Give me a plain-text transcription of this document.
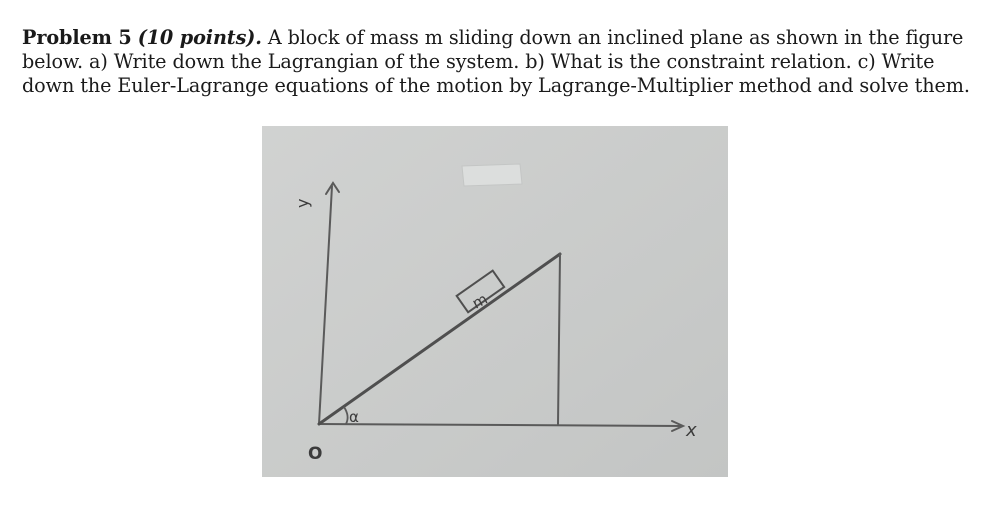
Problem 5 (10 points). A block of mass m sliding down an inclined plane as shown in the figure below. a) Write down the Lagrangian of the system. b) What is the constraint relation. c) Write down the Euler-Lagrange equations of the motion by Lagrange-Multiplier method and solve them.
y
x
O
α
m
